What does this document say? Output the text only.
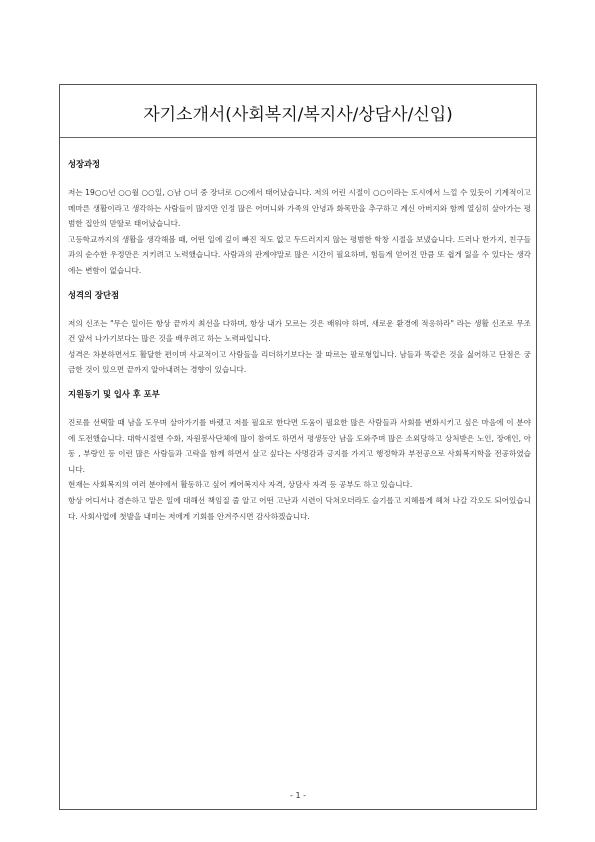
자기소개서(사회복지/복지사/상담사/신입)
성장과정

저는 19○○년 ○○월 ○○일, ○남 ○녀 중 장녀로 ○○에서 태어났습니다. 저의 어린 시절이 ○○이라는 도시에서 느낄 수 있듯이 기계적이고 메마른 생활이라고 생각하는 사람들이 많지만 인정 많은 어머니와 가족의 안녕과 화목만을 추구하고 계신 아버지와 함께 열심히 살아가는 평범한 집안의 맏딸로 태어났습니다.

고등학교까지의 생활을 생각해볼 때, 어떤 일에 깊이 빠진 적도 없고 두드러지지 않는 평범한 학창 시절을 보냈습니다. 드러나 한가지, 친구들과의 순수한 우정만은 지키려고 노력했습니다. 사람과의 관계야말로 많은 시간이 필요하며, 힘들게 얻어진 만큼 또 쉽게 잃을 수 있다는 생각에는 변함이 없습니다.

성격의 장단점

저의 신조는 "무슨 일이든 항상 끝까지 최선을 다하며, 항상 내가 모르는 것은 배워야 하며, 새로운 환경에 적응하라" 라는 생활 신조로 무조건 앞서 나가기보다는 많은 것을 배우려고 하는 노력파입니다.

성격은 차분하면서도 활달한 편이며 사교적이고 사람들을 리더하기보다는 잘 따르는 팔로형입니다. 남들과 똑같은 것을 싫어하고 단점은 궁금한 것이 있으면 끝까지 알아내려는 경향이 있습니다.

지원동기 및 입사 후 포부

진로를 선택할 때 남을 도우며 살아가기를 바랬고 저를 필요로 한다면 도움이 필요한 많은 사람들과 사회를 변화시키고 싶은 마음에 이 분야에 도전했습니다. 대학시절엔 수화, 자원봉사단체에 많이 참여도 하면서 평생동안 남을 도와주며 많은 소외당하고 상처받은 노인, 장애인, 아동 , 부랑인 등 이런 많은 사람들과 고락을 함께 하면서 살고 싶다는 사명감과 긍지를 가지고 행정학과 부전공으로 사회복지학을 전공하였습니다.

현재는 사회복지의 여러 분야에서 활동하고 싶어 케어복지사 자격, 상담사 자격 등 공부도 하고 있습니다.

항상 어디서나 겸손하고 맡은 일에 대해선 책임질 줄 알고 어떤 고난과 시련이 닥쳐오더라도 슬기롭고 지혜롭게 헤쳐 나갈 각오도 되어있습니다. 사회사업에 첫발을 내미는 저에게 기회를 안겨주시면 감사하겠습니다.

- 1 -
